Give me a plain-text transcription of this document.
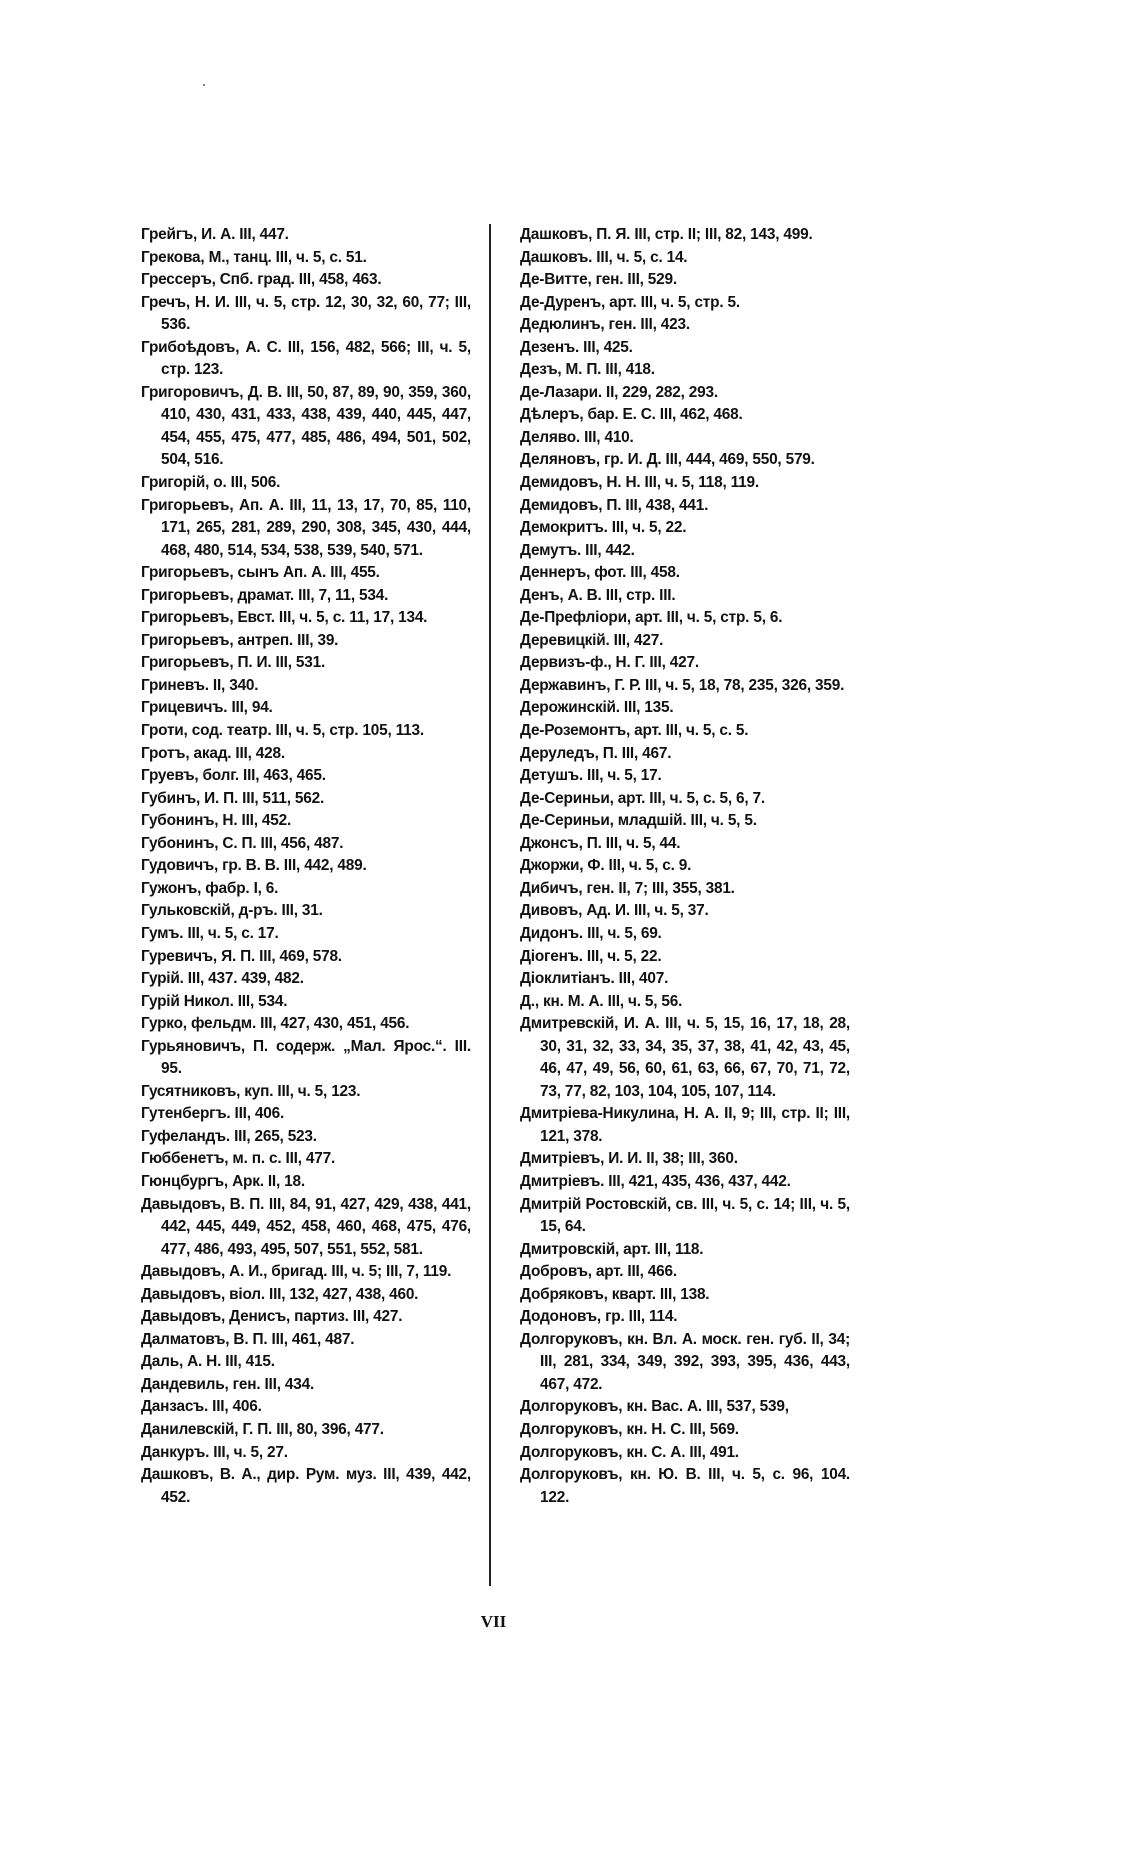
Грейгъ, И. А. III, 447.

Грекова, М., танц. III, ч. 5, с. 51.

Грессеръ, Спб. град. III, 458, 463.

Гречъ, Н. И. III, ч. 5, стр. 12, 30, 32, 60, 77; III, 536.

Грибоѣдовъ, А. С. III, 156, 482, 566; III, ч. 5, стр. 123.

Григоровичъ, Д. В. III, 50, 87, 89, 90, 359, 360, 410, 430, 431, 433, 438, 439, 440, 445, 447, 454, 455, 475, 477, 485, 486, 494, 501, 502, 504, 516.

Григорій, о. III, 506.

Григорьевъ, Ап. А. III, 11, 13, 17, 70, 85, 110, 171, 265, 281, 289, 290, 308, 345, 430, 444, 468, 480, 514, 534, 538, 539, 540, 571.

Григорьевъ, сынъ Ап. А. III, 455.

Григорьевъ, драмат. III, 7, 11, 534.

Григорьевъ, Евст. III, ч. 5, с. 11, 17, 134.

Григорьевъ, антреп. III, 39.

Григорьевъ, П. И. III, 531.

Гриневъ. II, 340.

Грицевичъ. III, 94.

Гроти, сод. театр. III, ч. 5, стр. 105, 113.

Гротъ, акад. III, 428.

Груевъ, болг. III, 463, 465.

Губинъ, И. П. III, 511, 562.

Губонинъ, Н. III, 452.

Губонинъ, С. П. III, 456, 487.

Гудовичъ, гр. В. В. III, 442, 489.

Гужонъ, фабр. I, 6.

Гульковскій, д-ръ. III, 31.

Гумъ. III, ч. 5, с. 17.

Гуревичъ, Я. П. III, 469, 578.

Гурій. III, 437. 439, 482.

Гурій Никол. III, 534.

Гурко, фельдм. III, 427, 430, 451, 456.

Гурьяновичъ, П. содерж. „Мал. Ярос.“. III. 95.

Гусятниковъ, куп. III, ч. 5, 123.

Гутенбергъ. III, 406.

Гуфеландъ. III, 265, 523.

Гюббенетъ, м. п. с. III, 477.

Гюнцбургъ, Арк. II, 18.

Давыдовъ, В. П. III, 84, 91, 427, 429, 438, 441, 442, 445, 449, 452, 458, 460, 468, 475, 476, 477, 486, 493, 495, 507, 551, 552, 581.

Давыдовъ, А. И., бригад. III, ч. 5; III, 7, 119.

Давыдовъ, віол. III, 132, 427, 438, 460.

Давыдовъ, Денисъ, партиз. III, 427.

Далматовъ, В. П. III, 461, 487.

Даль, А. Н. III, 415.

Дандевиль, ген. III, 434.

Данзасъ. III, 406.

Данилевскій, Г. П. III, 80, 396, 477.

Данкуръ. III, ч. 5, 27.

Дашковъ, В. А., дир. Рум. муз. III, 439, 442, 452.

Дашковъ, П. Я. III, стр. II; III, 82, 143, 499.

Дашковъ. III, ч. 5, с. 14.

Де-Витте, ген. III, 529.

Де-Дуренъ, арт. III, ч. 5, стр. 5.

Дедюлинъ, ген. III, 423.

Дезенъ. III, 425.

Дезъ, М. П. III, 418.

Де-Лазари. II, 229, 282, 293.

Дѣлеръ, бар. Е. С. III, 462, 468.

Деляво. III, 410.

Деляновъ, гр. И. Д. III, 444, 469, 550, 579.

Демидовъ, Н. Н. III, ч. 5, 118, 119.

Демидовъ, П. III, 438, 441.

Демокритъ. III, ч. 5, 22.

Демутъ. III, 442.

Деннеръ, фот. III, 458.

Денъ, А. В. III, стр. III.

Де-Префліори, арт. III, ч. 5, стр. 5, 6.

Деревицкій. III, 427.

Дервизъ-ф., Н. Г. III, 427.

Державинъ, Г. Р. III, ч. 5, 18, 78, 235, 326, 359.

Дерожинскій. III, 135.

Де-Роземонтъ, арт. III, ч. 5, с. 5.

Деруледъ, П. III, 467.

Детушъ. III, ч. 5, 17.

Де-Сериньи, арт. III, ч. 5, с. 5, 6, 7.

Де-Сериньи, младшій. III, ч. 5, 5.

Джонсъ, П. III, ч. 5, 44.

Джоржи, Ф. III, ч. 5, с. 9.

Дибичъ, ген. II, 7; III, 355, 381.

Дивовъ, Ад. И. III, ч. 5, 37.

Дидонъ. III, ч. 5, 69.

Діогенъ. III, ч. 5, 22.

Діоклитіанъ. III, 407.

Д., кн. М. А. III, ч. 5, 56.

Дмитревскій, И. А. III, ч. 5, 15, 16, 17, 18, 28, 30, 31, 32, 33, 34, 35, 37, 38, 41, 42, 43, 45, 46, 47, 49, 56, 60, 61, 63, 66, 67, 70, 71, 72, 73, 77, 82, 103, 104, 105, 107, 114.

Дмитріева-Никулина, Н. А. II, 9; III, стр. II; III, 121, 378.

Дмитріевъ, И. И. II, 38; III, 360.

Дмитріевъ. III, 421, 435, 436, 437, 442.

Дмитрій Ростовскій, св. III, ч. 5, с. 14; III, ч. 5, 15, 64.

Дмитровскій, арт. III, 118.

Добровъ, арт. III, 466.

Добряковъ, кварт. III, 138.

Додоновъ, гр. III, 114.

Долгоруковъ, кн. Вл. А. моск. ген. губ. II, 34; III, 281, 334, 349, 392, 393, 395, 436, 443, 467, 472.

Долгоруковъ, кн. Вас. А. III, 537, 539,

Долгоруковъ, кн. Н. С. III, 569.

Долгоруковъ, кн. С. А. III, 491.

Долгоруковъ, кн. Ю. В. III, ч. 5, с. 96, 104. 122.

VII
